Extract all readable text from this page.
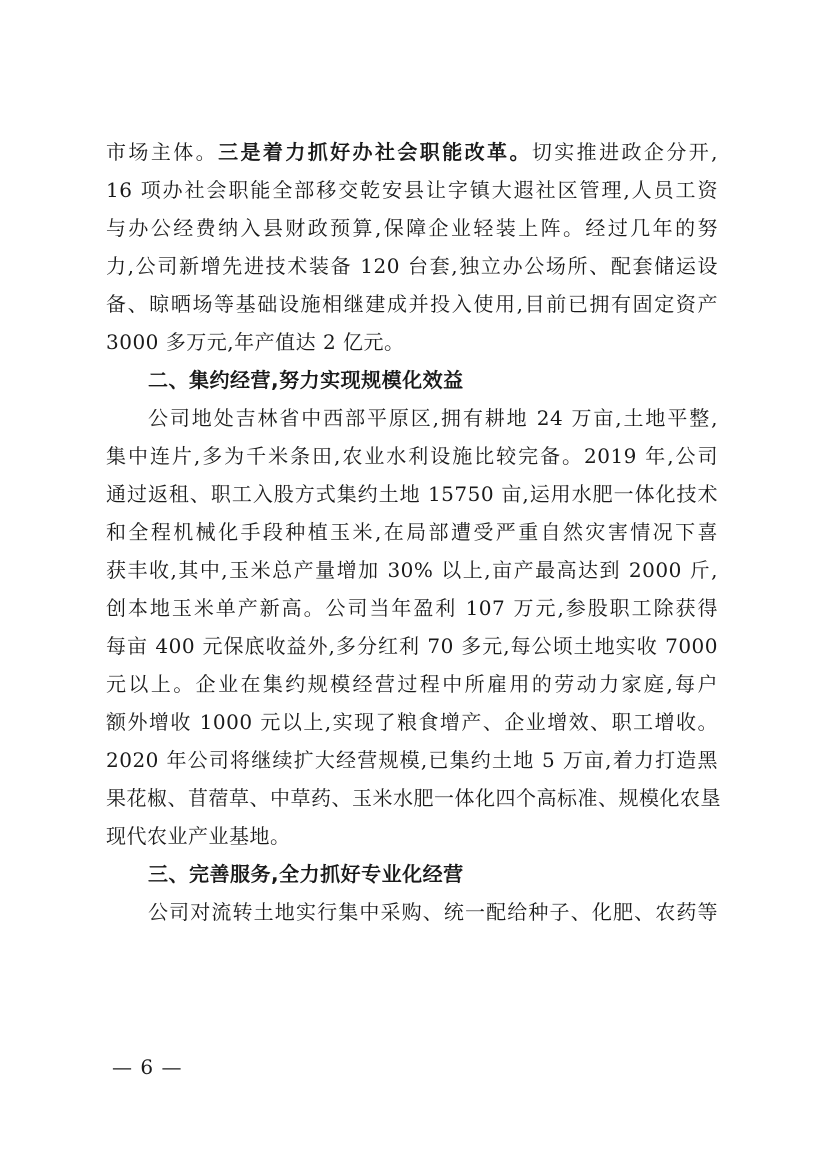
市场主体。三是着力抓好办社会职能改革。切实推进政企分开,
16 项办社会职能全部移交乾安县让字镇大遐社区管理,人员工资
与办公经费纳入县财政预算,保障企业轻装上阵。经过几年的努
力,公司新增先进技术装备 120 台套,独立办公场所、配套储运设
备、晾晒场等基础设施相继建成并投入使用,目前已拥有固定资产
3000 多万元,年产值达 2 亿元。
二、集约经营,努力实现规模化效益
公司地处吉林省中西部平原区,拥有耕地 24 万亩,土地平整,
集中连片,多为千米条田,农业水利设施比较完备。2019 年,公司
通过返租、职工入股方式集约土地 15750 亩,运用水肥一体化技术
和全程机械化手段种植玉米,在局部遭受严重自然灾害情况下喜
获丰收,其中,玉米总产量增加 30% 以上,亩产最高达到 2000 斤,
创本地玉米单产新高。公司当年盈利 107 万元,参股职工除获得
每亩 400 元保底收益外,多分红利 70 多元,每公顷土地实收 7000
元以上。企业在集约规模经营过程中所雇用的劳动力家庭,每户
额外增收 1000 元以上,实现了粮食增产、企业增效、职工增收。
2020 年公司将继续扩大经营规模,已集约土地 5 万亩,着力打造黑
果花椒、苜蓿草、中草药、玉米水肥一体化四个高标准、规模化农垦
现代农业产业基地。
三、完善服务,全力抓好专业化经营
公司对流转土地实行集中采购、统一配给种子、化肥、农药等
— 6 —
